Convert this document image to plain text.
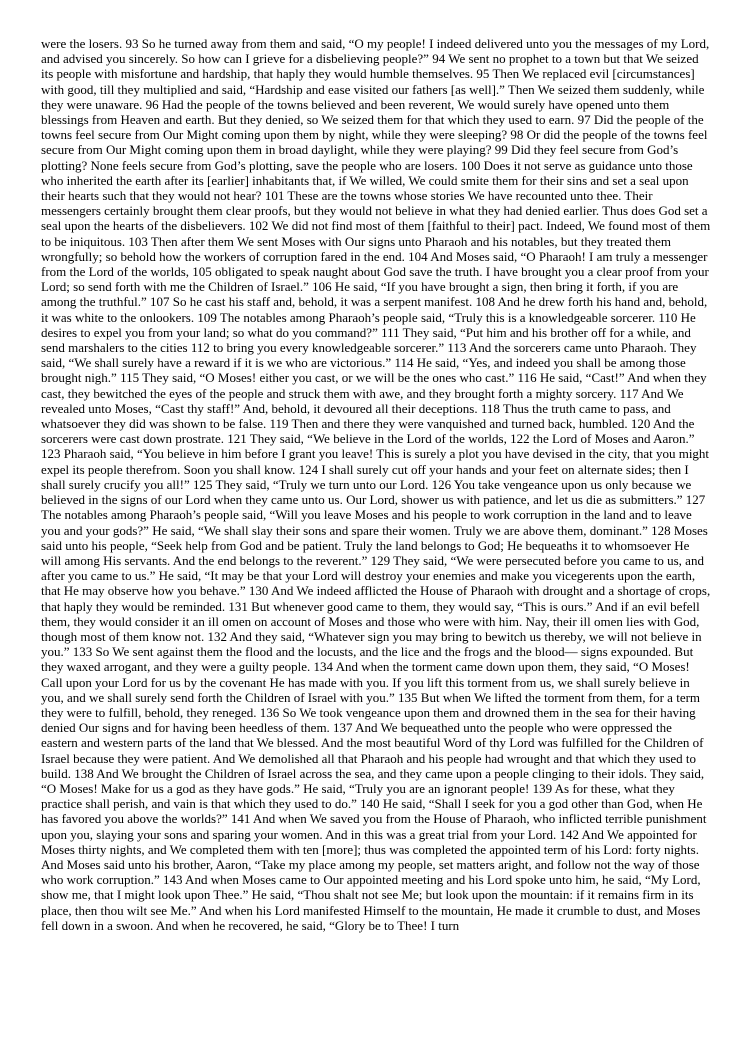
were the losers. 93 So he turned away from them and said, “O my people! I indeed delivered unto you the messages of my Lord, and advised you sincerely. So how can I grieve for a disbelieving people?” 94 We sent no prophet to a town but that We seized its people with misfortune and hardship, that haply they would humble themselves. 95 Then We replaced evil [circumstances] with good, till they multiplied and said, “Hardship and ease visited our fathers [as well].” Then We seized them suddenly, while they were unaware. 96 Had the people of the towns believed and been reverent, We would surely have opened unto them blessings from Heaven and earth. But they denied, so We seized them for that which they used to earn. 97 Did the people of the towns feel secure from Our Might coming upon them by night, while they were sleeping? 98 Or did the people of the towns feel secure from Our Might coming upon them in broad daylight, while they were playing? 99 Did they feel secure from God’s plotting? None feels secure from God’s plotting, save the people who are losers. 100 Does it not serve as guidance unto those who inherited the earth after its [earlier] inhabitants that, if We willed, We could smite them for their sins and set a seal upon their hearts such that they would not hear? 101 These are the towns whose stories We have recounted unto thee. Their messengers certainly brought them clear proofs, but they would not believe in what they had denied earlier. Thus does God set a seal upon the hearts of the disbelievers. 102 We did not find most of them [faithful to their] pact. Indeed, We found most of them to be iniquitous. 103 Then after them We sent Moses with Our signs unto Pharaoh and his notables, but they treated them wrongfully; so behold how the workers of corruption fared in the end. 104 And Moses said, “O Pharaoh! I am truly a messenger from the Lord of the worlds, 105 obligated to speak naught about God save the truth. I have brought you a clear proof from your Lord; so send forth with me the Children of Israel.” 106 He said, “If you have brought a sign, then bring it forth, if you are among the truthful.” 107 So he cast his staff and, behold, it was a serpent manifest. 108 And he drew forth his hand and, behold, it was white to the onlookers. 109 The notables among Pharaoh’s people said, “Truly this is a knowledgeable sorcerer. 110 He desires to expel you from your land; so what do you command?” 111 They said, “Put him and his brother off for a while, and send marshalers to the cities 112 to bring you every knowledgeable sorcerer.” 113 And the sorcerers came unto Pharaoh. They said, “We shall surely have a reward if it is we who are victorious.” 114 He said, “Yes, and indeed you shall be among those brought nigh.” 115 They said, “O Moses! either you cast, or we will be the ones who cast.” 116 He said, “Cast!” And when they cast, they bewitched the eyes of the people and struck them with awe, and they brought forth a mighty sorcery. 117 And We revealed unto Moses, “Cast thy staff!” And, behold, it devoured all their deceptions. 118 Thus the truth came to pass, and whatsoever they did was shown to be false. 119 Then and there they were vanquished and turned back, humbled. 120 And the sorcerers were cast down prostrate. 121 They said, “We believe in the Lord of the worlds, 122 the Lord of Moses and Aaron.” 123 Pharaoh said, “You believe in him before I grant you leave! This is surely a plot you have devised in the city, that you might expel its people therefrom. Soon you shall know. 124 I shall surely cut off your hands and your feet on alternate sides; then I shall surely crucify you all!” 125 They said, “Truly we turn unto our Lord. 126 You take vengeance upon us only because we believed in the signs of our Lord when they came unto us. Our Lord, shower us with patience, and let us die as submitters.” 127 The notables among Pharaoh’s people said, “Will you leave Moses and his people to work corruption in the land and to leave you and your gods?” He said, “We shall slay their sons and spare their women. Truly we are above them, dominant.” 128 Moses said unto his people, “Seek help from God and be patient. Truly the land belongs to God; He bequeaths it to whomsoever He will among His servants. And the end belongs to the reverent.” 129 They said, “We were persecuted before you came to us, and after you came to us.” He said, “It may be that your Lord will destroy your enemies and make you vicegerents upon the earth, that He may observe how you behave.” 130 And We indeed afflicted the House of Pharaoh with drought and a shortage of crops, that haply they would be reminded. 131 But whenever good came to them, they would say, “This is ours.” And if an evil befell them, they would consider it an ill omen on account of Moses and those who were with him. Nay, their ill omen lies with God, though most of them know not. 132 And they said, “Whatever sign you may bring to bewitch us thereby, we will not believe in you.” 133 So We sent against them the flood and the locusts, and the lice and the frogs and the blood— signs expounded. But they waxed arrogant, and they were a guilty people. 134 And when the torment came down upon them, they said, “O Moses! Call upon your Lord for us by the covenant He has made with you. If you lift this torment from us, we shall surely believe in you, and we shall surely send forth the Children of Israel with you.” 135 But when We lifted the torment from them, for a term they were to fulfill, behold, they reneged. 136 So We took vengeance upon them and drowned them in the sea for their having denied Our signs and for having been heedless of them. 137 And We bequeathed unto the people who were oppressed the eastern and western parts of the land that We blessed. And the most beautiful Word of thy Lord was fulfilled for the Children of Israel because they were patient. And We demolished all that Pharaoh and his people had wrought and that which they used to build. 138 And We brought the Children of Israel across the sea, and they came upon a people clinging to their idols. They said, “O Moses! Make for us a god as they have gods.” He said, “Truly you are an ignorant people! 139 As for these, what they practice shall perish, and vain is that which they used to do.” 140 He said, “Shall I seek for you a god other than God, when He has favored you above the worlds?” 141 And when We saved you from the House of Pharaoh, who inflicted terrible punishment upon you, slaying your sons and sparing your women. And in this was a great trial from your Lord. 142 And We appointed for Moses thirty nights, and We completed them with ten [more]; thus was completed the appointed term of his Lord: forty nights. And Moses said unto his brother, Aaron, “Take my place among my people, set matters aright, and follow not the way of those who work corruption.” 143 And when Moses came to Our appointed meeting and his Lord spoke unto him, he said, “My Lord, show me, that I might look upon Thee.” He said, “Thou shalt not see Me; but look upon the mountain: if it remains firm in its place, then thou wilt see Me.” And when his Lord manifested Himself to the mountain, He made it crumble to dust, and Moses fell down in a swoon. And when he recovered, he said, “Glory be to Thee! I turn
